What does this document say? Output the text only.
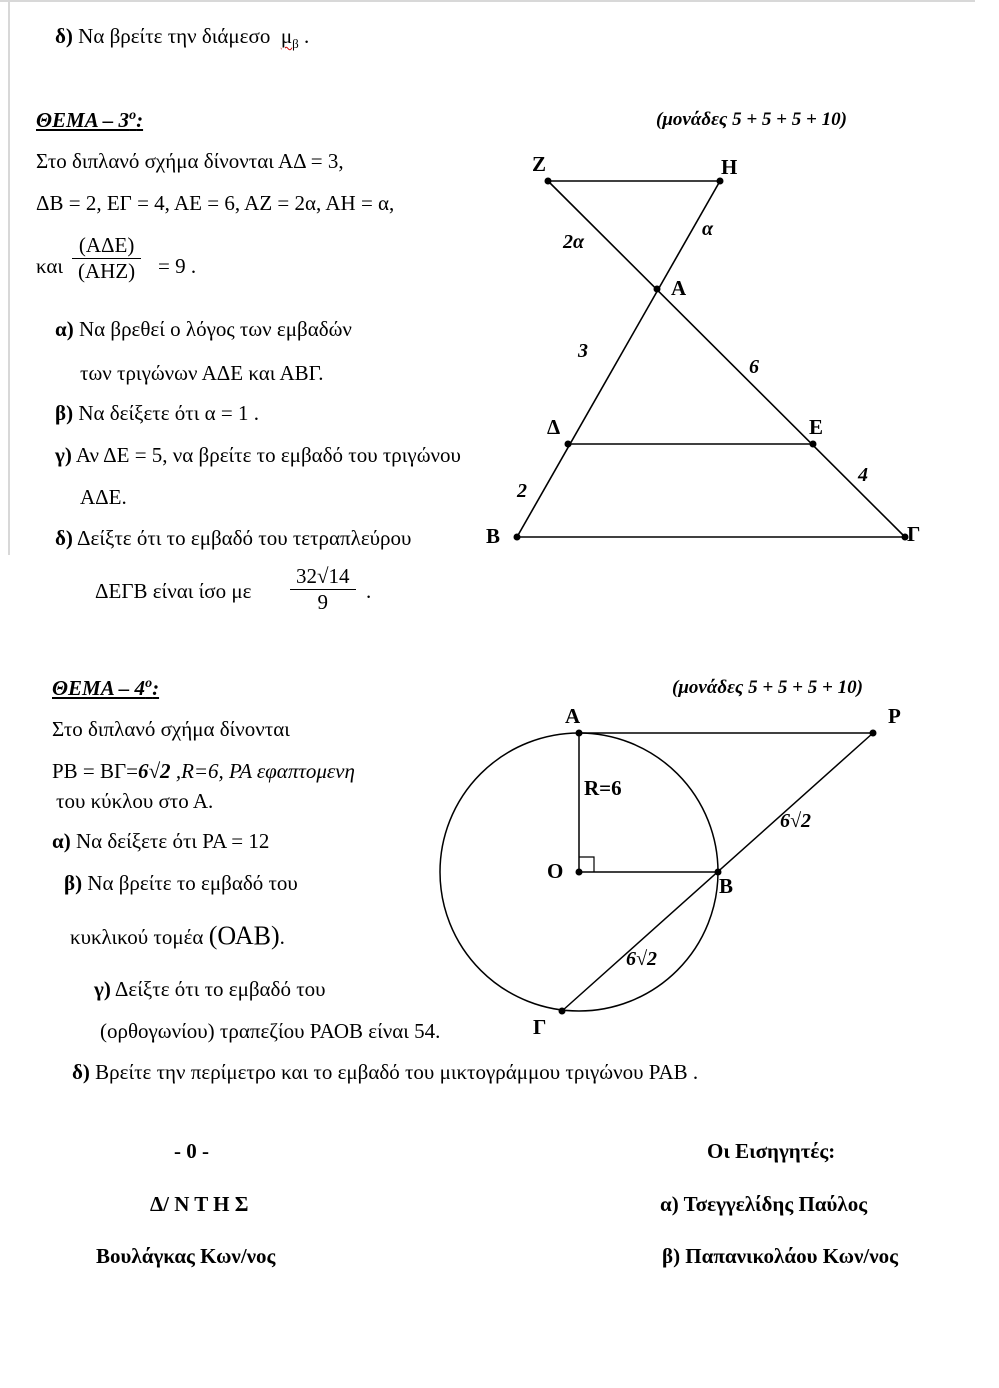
δ) Να βρείτε την διάμεσο $\mu_\beta$ .
ΘΕΜΑ – $3^o$:	(μονάδες 5 + 5 + 5 + 10)
Στο διπλανό σχήμα δίνονται ΑΔ = 3,
ΔΒ = 2, ΕΓ = 4, ΑΕ = 6, ΑΖ = 2α, ΑΗ = α,
και
(ΑΔΕ)
(ΑΗΖ) = 9 .
α) Να βρεθεί ο λόγος των εμβαδών
των τριγώνων ΑΔΕ και ΑΒΓ.
β) Να δείξετε ότι α = 1 .
γ) Αν ΔΕ = 5, να βρείτε το εμβαδό του τριγώνου
ΑΔΕ.
δ) Δείξτε ότι το εμβαδό του τετραπλεύρου
ΔΕΓΒ είναι ίσο με $\frac{32√14}{9}$ .
ΘΕΜΑ – $4^o$:	(μονάδες 5 + 5 + 5 + 10)
Στο διπλανό σχήμα δίνονται
ΡΒ = ΒΓ=6√2 ,R=6, ΡΑ εφαπτομενη
του κύκλου στο Α.
α) Να δείξετε ότι ΡΑ = 12
β) Να βρείτε το εμβαδό του
κυκλικού τομέα (ΟΑΒ).
γ) Δείξτε ότι το εμβαδό του
(ορθογωνίου) τραπεζίου ΡΑΟΒ είναι 54.
δ) Βρείτε την περίμετρο και το εμβαδό του μικτογράμμου τριγώνου ΡΑΒ .
- 0 -
Δ/ Ν Τ Η Σ
Βουλάγκας Κων/νος
Οι Εισηγητές:
α) Τσεγγελίδης Παύλος
β) Παπανικολάου Κων/νος
Z	H
A
Δ	E
B	Γ
2α
α
3
6
2
4
A	P
O
B
Γ
R=6
6√2
6√2
